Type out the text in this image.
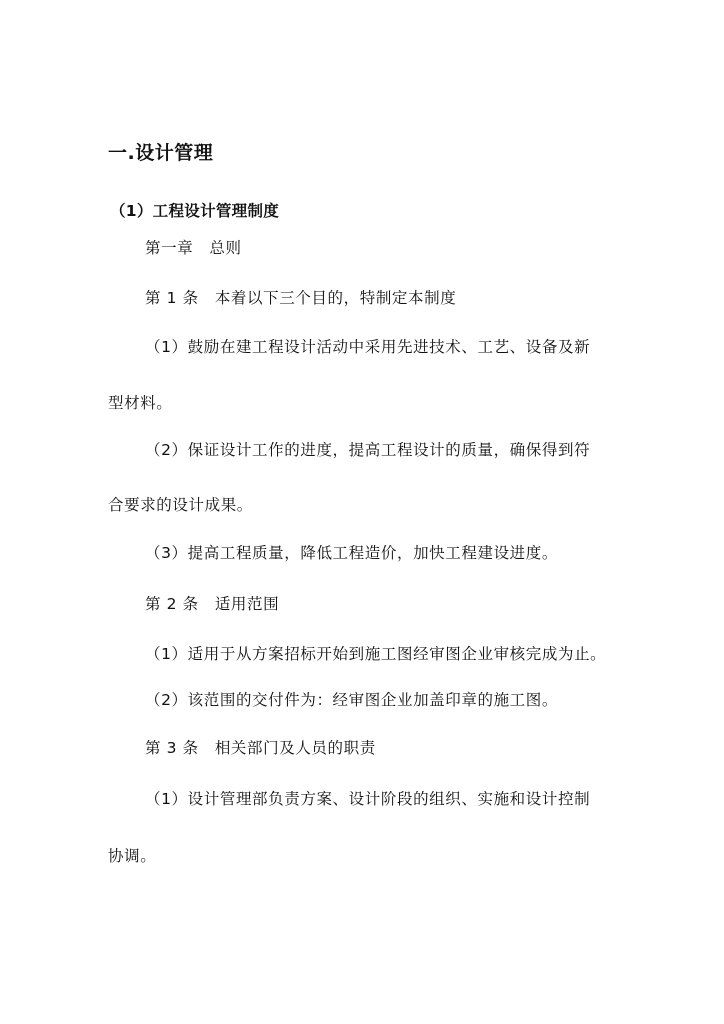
一.设计管理
（1）工程设计管理制度
第一章　总则
第 1 条　本着以下三个目的，特制定本制度
（1）鼓励在建工程设计活动中采用先进技术、工艺、设备及新
型材料。
（2）保证设计工作的进度，提高工程设计的质量，确保得到符
合要求的设计成果。
（3）提高工程质量，降低工程造价，加快工程建设进度。
第 2 条　适用范围
（1）适用于从方案招标开始到施工图经审图企业审核完成为止。
（2）该范围的交付件为：经审图企业加盖印章的施工图。
第 3 条　相关部门及人员的职责
（1）设计管理部负责方案、设计阶段的组织、实施和设计控制
协调。
